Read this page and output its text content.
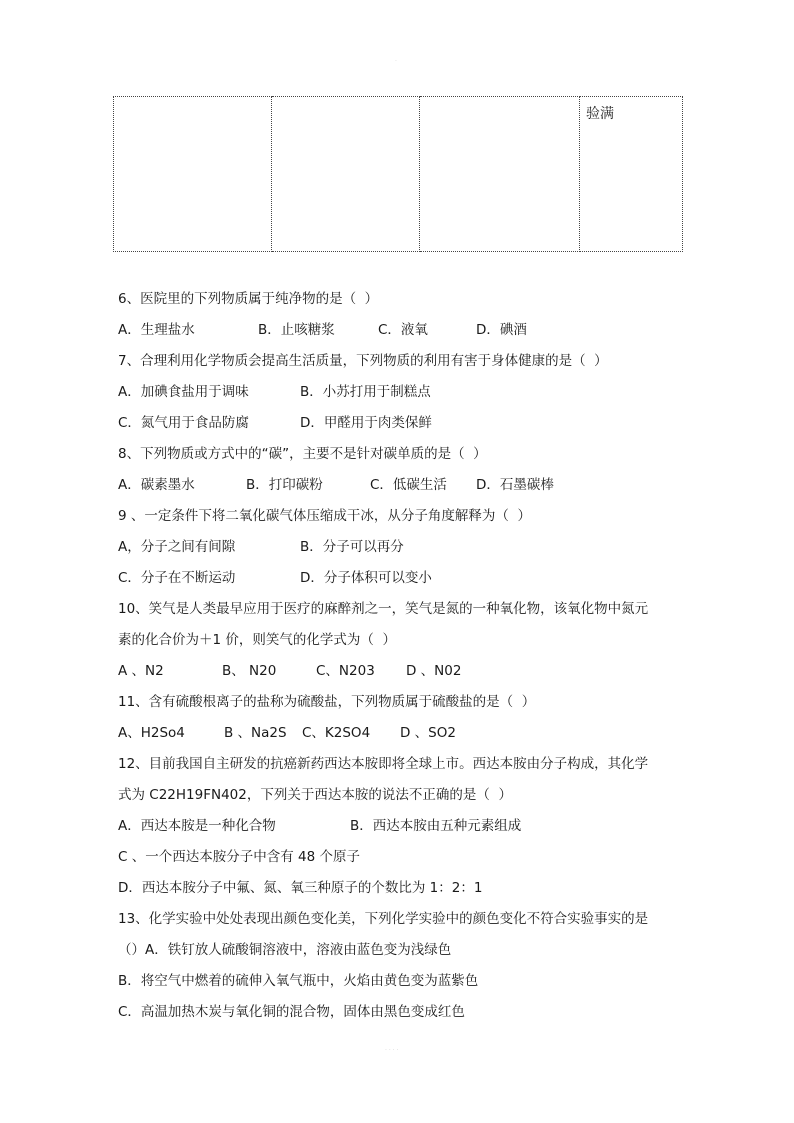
·
			验满
6、医院里的下列物质属于纯净物的是（  ）
A．生理盐水	B．止咳糖浆	C．液氧	D．碘酒
7、合理利用化学物质会提高生活质量，下列物质的利用有害于身体健康的是（  ）
A．加碘食盐用于调味	B．小苏打用于制糕点
C．氮气用于食品防腐	D．甲醛用于肉类保鲜
8、下列物质或方式中的“碳”，主要不是针对碳单质的是（  ）
A．碳素墨水	B．打印碳粉	C．低碳生活 D．石墨碳棒
9 、一定条件下将二氧化碳气体压缩成干冰，从分子角度解释为（  ）
A，分子之间有间隙	B．分子可以再分
C．分子在不断运动	D．分子体积可以变小
10、笑气是人类最早应用于医疗的麻醉剂之一，笑气是氮的一种氧化物，该氧化物中氮元
素的化合价为＋1 价，则笑气的化学式为（  ）
A 、N2	B、 N20	C、N203 D 、N02
11、含有硫酸根离子的盐称为硫酸盐，下列物质属于硫酸盐的是（  ）
A、H2So4	B 、Na2S C、K2SO4 D 、SO2
12、目前我国自主研发的抗癌新药西达本胺即将全球上市。西达本胺由分子构成，其化学
式为 C22H19FN402，下列关于西达本胺的说法不正确的是（  ）
A．西达本胺是一种化合物	B．西达本胺由五种元素组成
C 、一个西达本胺分子中含有 48 个原子
D．西达本胺分子中氟、氮、氧三种原子的个数比为 1：2：1
13、化学实验中处处表现出颜色变化美，下列化学实验中的颜色变化不符合实验事实的是
（）A．铁钉放人硫酸铜溶液中，溶液由蓝色变为浅绿色
B．将空气中燃着的硫伸入氧气瓶中，火焰由黄色变为蓝紫色
C．高温加热木炭与氧化铜的混合物，固体由黑色变成红色
· · · ·
